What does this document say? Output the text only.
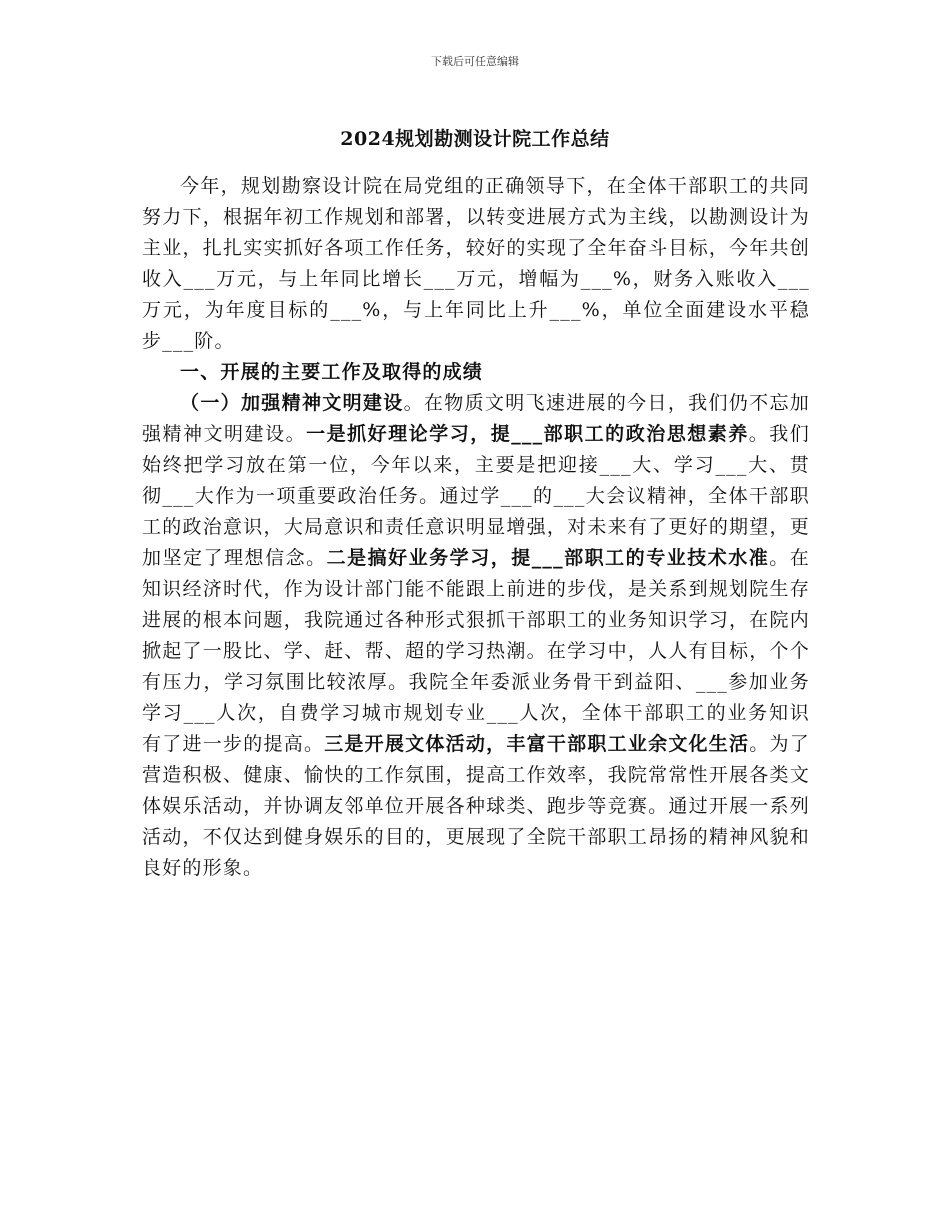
下载后可任意编辑
2024规划勘测设计院工作总结

今年，规划勘察设计院在局党组的正确领导下，在全体干部职工的共同努力下，根据年初工作规划和部署，以转变进展方式为主线，以勘测设计为主业，扎扎实实抓好各项工作任务，较好的实现了全年奋斗目标，今年共创收入___万元，与上年同比增长___万元，增幅为___%，财务入账收入___万元，为年度目标的___%，与上年同比上升___%，单位全面建设水平稳步___阶。

一、开展的主要工作及取得的成绩

（一）加强精神文明建设。在物质文明飞速进展的今日，我们仍不忘加强精神文明建设。一是抓好理论学习，提___部职工的政治思想素养。我们始终把学习放在第一位，今年以来，主要是把迎接___大、学习___大、贯彻___大作为一项重要政治任务。通过学___的___大会议精神，全体干部职工的政治意识，大局意识和责任意识明显增强，对未来有了更好的期望，更加坚定了理想信念。二是搞好业务学习，提___部职工的专业技术水准。在知识经济时代，作为设计部门能不能跟上前进的步伐，是关系到规划院生存进展的根本问题，我院通过各种形式狠抓干部职工的业务知识学习，在院内掀起了一股比、学、赶、帮、超的学习热潮。在学习中，人人有目标，个个有压力，学习氛围比较浓厚。我院全年委派业务骨干到益阳、___参加业务学习___人次，自费学习城市规划专业___人次，全体干部职工的业务知识有了进一步的提高。三是开展文体活动，丰富干部职工业余文化生活。为了营造积极、健康、愉快的工作氛围，提高工作效率，我院常常性开展各类文体娱乐活动，并协调友邻单位开展各种球类、跑步等竞赛。通过开展一系列活动，不仅达到健身娱乐的目的，更展现了全院干部职工昂扬的精神风貌和良好的形象。
